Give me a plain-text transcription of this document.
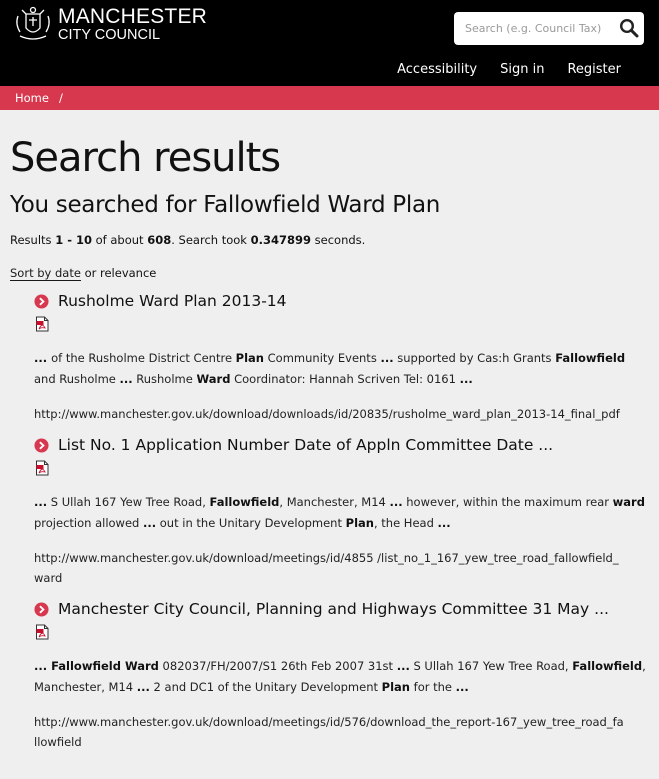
MANCHESTER
CITY COUNCIL
Search (e.g. Council Tax)
Accessibility Sign in Register
Home /
Search results
You searched for Fallowfield Ward Plan
Results 1 - 10 of about 608. Search took 0.347899 seconds.
Sort by date or relevance
Rusholme Ward Plan 2013-14
... of the Rusholme District Centre Plan Community Events ... supported by Cas:h Grants Fallowfield and Rusholme ... Rusholme Ward Coordinator: Hannah Scriven Tel: 0161 ...
http://www.manchester.gov.uk/download/downloads/id/20835/rusholme_ward_plan_2013-14_final_pdf
List No. 1 Application Number Date of Appln Committee Date ...
... S Ullah 167 Yew Tree Road, Fallowfield, Manchester, M14 ... however, within the maximum rear ward projection allowed ... out in the Unitary Development Plan, the Head ...
http://www.manchester.gov.uk/download/meetings/id/4855 /list_no_1_167_yew_tree_road_fallowfield_ward
Manchester City Council, Planning and Highways Committee 31 May ...
... Fallowfield Ward 082037/FH/2007/S1 26th Feb 2007 31st ... S Ullah 167 Yew Tree Road, Fallowfield, Manchester, M14 ... 2 and DC1 of the Unitary Development Plan for the ...
http://www.manchester.gov.uk/download/meetings/id/576/download_the_report-167_yew_tree_road_fallowfield
